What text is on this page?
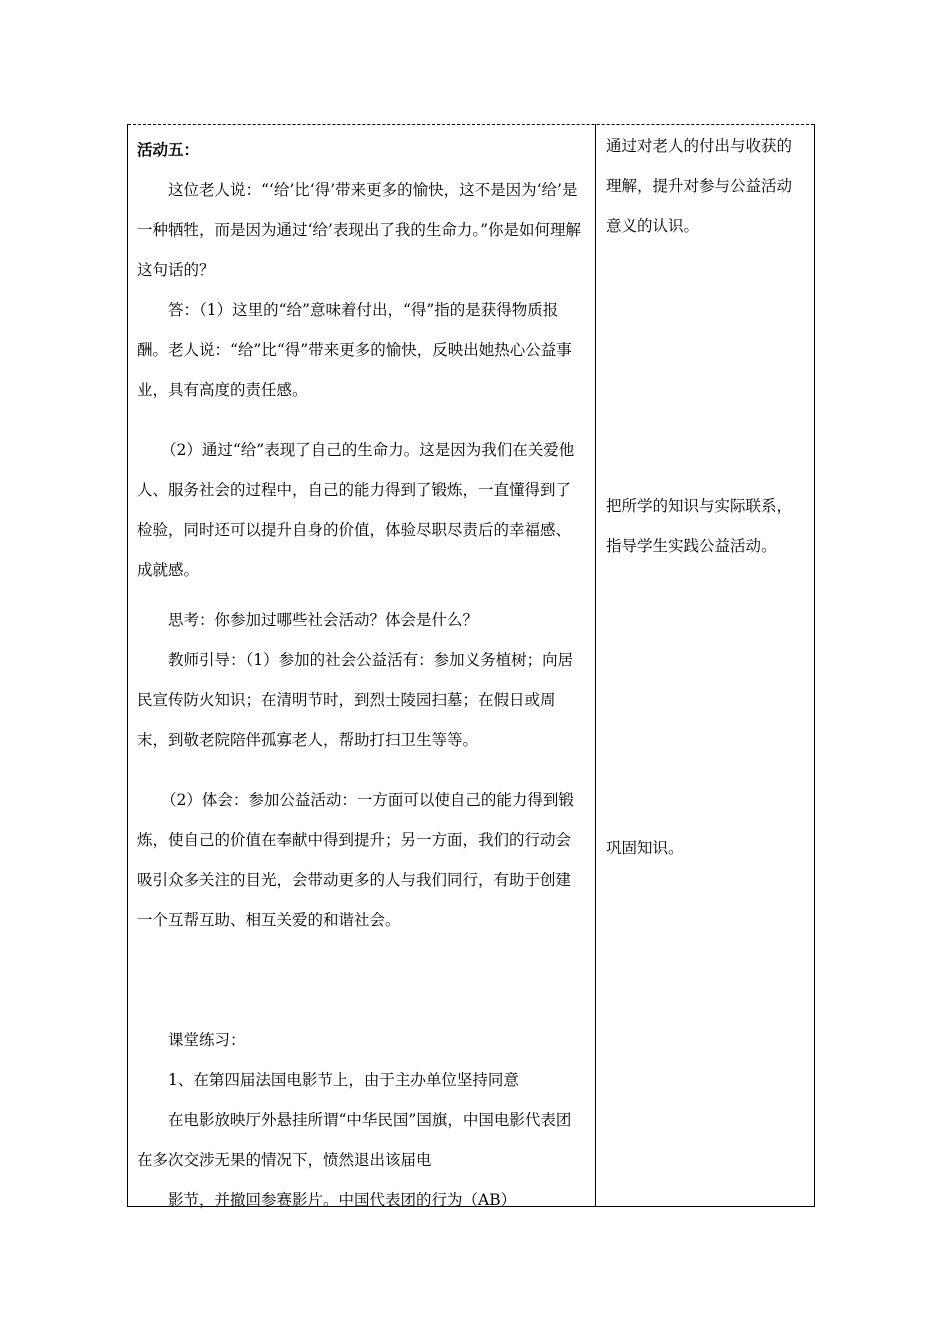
活动五：

这位老人说：“‘给’比‘得’带来更多的愉快，这不是因为‘给’是一种牺牲，而是因为通过‘给’表现出了我的生命力。”你是如何理解这句话的？

答：（1）这里的“给”意味着付出，“得”指的是获得物质报酬。老人说：“给”比“得”带来更多的愉快，反映出她热心公益事业，具有高度的责任感。

（2）通过“给”表现了自己的生命力。这是因为我们在关爱他人、服务社会的过程中，自己的能力得到了锻炼，一直懂得到了检验，同时还可以提升自身的价值，体验尽职尽责后的幸福感、成就感。

思考：你参加过哪些社会活动？体会是什么？

教师引导：（1）参加的社会公益活有：参加义务植树；向居民宣传防火知识；在清明节时，到烈士陵园扫墓；在假日或周末，到敬老院陪伴孤寡老人，帮助打扫卫生等等。

（2）体会：参加公益活动：一方面可以使自己的能力得到锻炼，使自己的价值在奉献中得到提升；另一方面，我们的行动会吸引众多关注的目光，会带动更多的人与我们同行，有助于创建一个互帮互助、相互关爱的和谐社会。

课堂练习：

1、在第四届法国电影节上，由于主办单位坚持同意

在电影放映厅外悬挂所谓“中华民国”国旗，中国电影代表团在多次交涉无果的情况下，愤然退出该届电

影节，并撤回参赛影片。中国代表团的行为（AB）

通过对老人的付出与收获的理解，提升对参与公益活动意义的认识。

把所学的知识与实际联系，指导学生实践公益活动。

巩固知识。
